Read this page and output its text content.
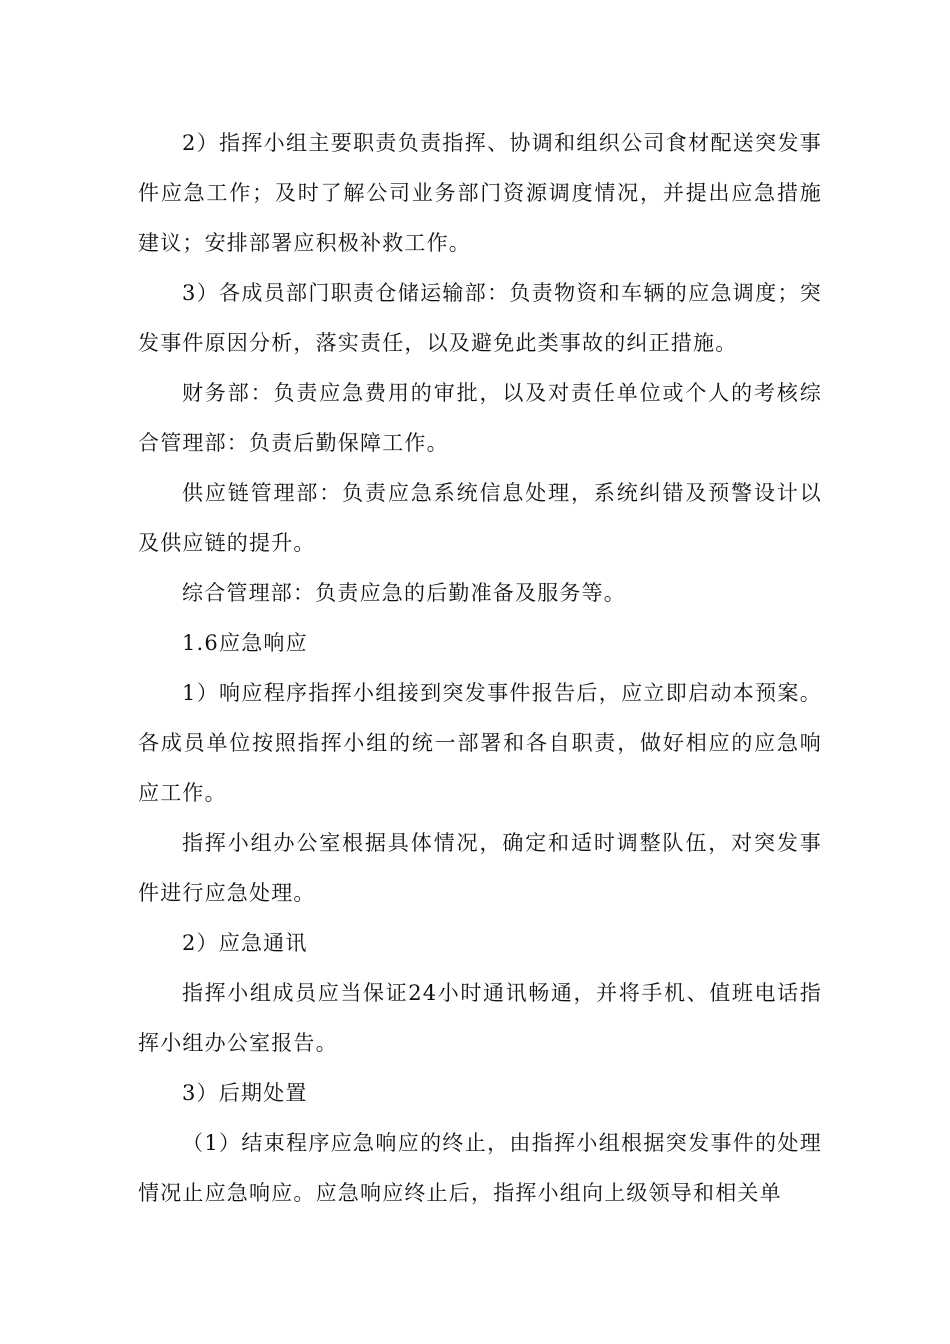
2）指挥小组主要职责负责指挥、协调和组织公司食材配送突发事件应急工作；及时了解公司业务部门资源调度情况，并提出应急措施建议；安排部署应积极补救工作。

3）各成员部门职责仓储运输部：负责物资和车辆的应急调度；突发事件原因分析，落实责任，以及避免此类事故的纠正措施。

财务部：负责应急费用的审批，以及对责任单位或个人的考核综合管理部：负责后勤保障工作。

供应链管理部：负责应急系统信息处理，系统纠错及预警设计以及供应链的提升。

综合管理部：负责应急的后勤准备及服务等。

1.6应急响应

1）响应程序指挥小组接到突发事件报告后，应立即启动本预案。各成员单位按照指挥小组的统一部署和各自职责，做好相应的应急响应工作。

指挥小组办公室根据具体情况，确定和适时调整队伍，对突发事件进行应急处理。

2）应急通讯

指挥小组成员应当保证24小时通讯畅通，并将手机、值班电话指挥小组办公室报告。

3）后期处置

（1）结束程序应急响应的终止，由指挥小组根据突发事件的处理情况止应急响应。应急响应终止后，指挥小组向上级领导和相关单
